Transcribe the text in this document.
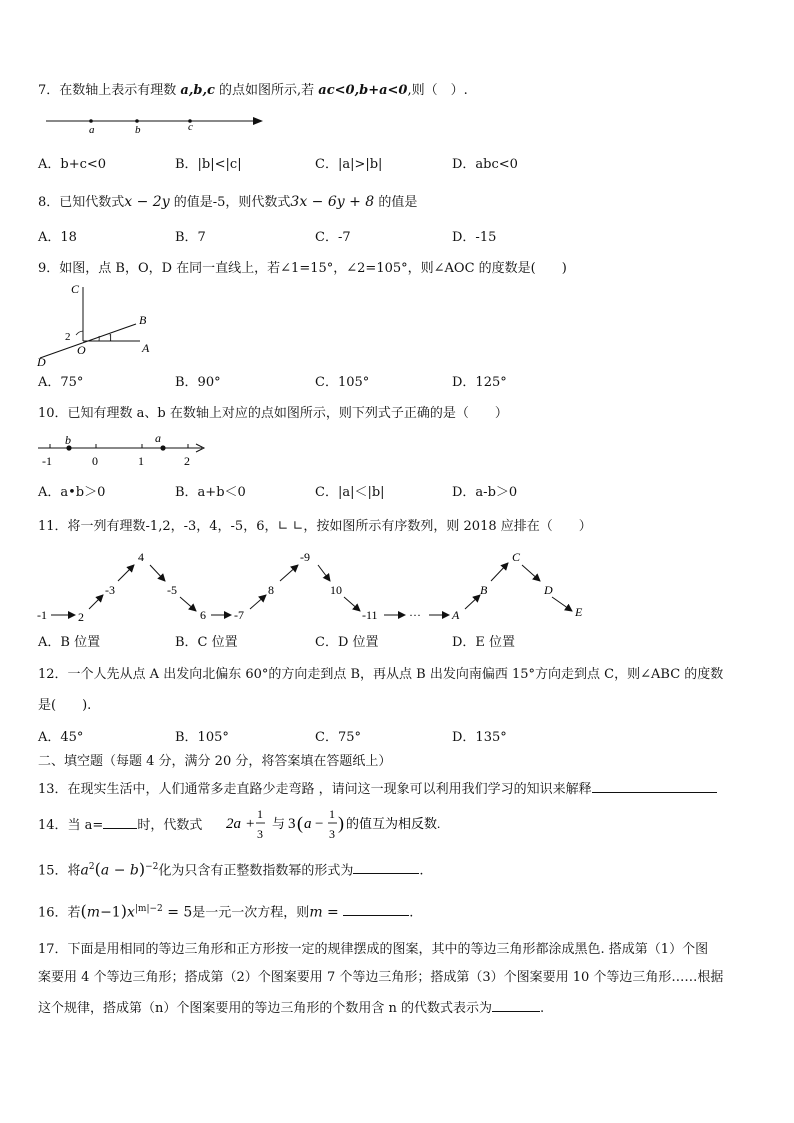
7．在数轴上表示有理数 a,b,c 的点如图所示,若 ac<0,b+a<0,则（　）.
a	b	c
A．b+c<0	B．|b|<|c|	C．|a|>|b|	D．abc<0
8．已知代数式x − 2y 的值是-5，则代数式3x − 6y + 8 的值是
A．18	B．7	C．-7	D．-15
9．如图，点 B，O，D 在同一直线上，若∠1=15°，∠2=105°，则∠AOC 的度数是(　　)
C
B
2	1
O	A
D
A．75°	B．90°	C．105°	D．125°
10．已知有理数 a、b 在数轴上对应的点如图所示，则下列式子正确的是（　　）
b	a
-1	0	1	2
A．a•b＞0	B．a+b＜0	C．|a|＜|b|	D．a-b＞0
11．将一列有理数-1,2，-3，4，-5，6，∟ ∟，按如图所示有序数列，则 2018 应排在（　　）
-1	2
-3
4
-5
6 -7
8
-9
10
-11	···	A
B
C
D
E
A．B 位置	B．C 位置	C．D 位置	D．E 位置
12．一个人先从点 A 出发向北偏东 60°的方向走到点 B，再从点 B 出发向南偏西 15°方向走到点 C，则∠ABC 的度数
是(　　).
A．45°	B．105°	C．75°	D．135°
二、填空题（每题 4 分，满分 20 分，将答案填在答题纸上）
13．在现实生活中，人们通常多走直路少走弯路 ，请问这一现象可以利用我们学习的知识来解释
14．当 a=	时，代数式 2a +
1
3
与 3 ( a −
1
3
) 的值互为相反数.
15．将$a^2(a - b)^{-2}$化为只含有正整数指数幂的形式为	.
16．若$(m-1)x^{|m|-2} = 5$是一元一次方程，则m =	.
17．下面是用相同的等边三角形和正方形按一定的规律摆成的图案，其中的等边三角形都涂成黑色. 搭成第（1）个图
案要用 4 个等边三角形；搭成第（2）个图案要用 7 个等边三角形；搭成第（3）个图案要用 10 个等边三角形……根据
这个规律，搭成第（n）个图案要用的等边三角形的个数用含 n 的代数式表示为	.
